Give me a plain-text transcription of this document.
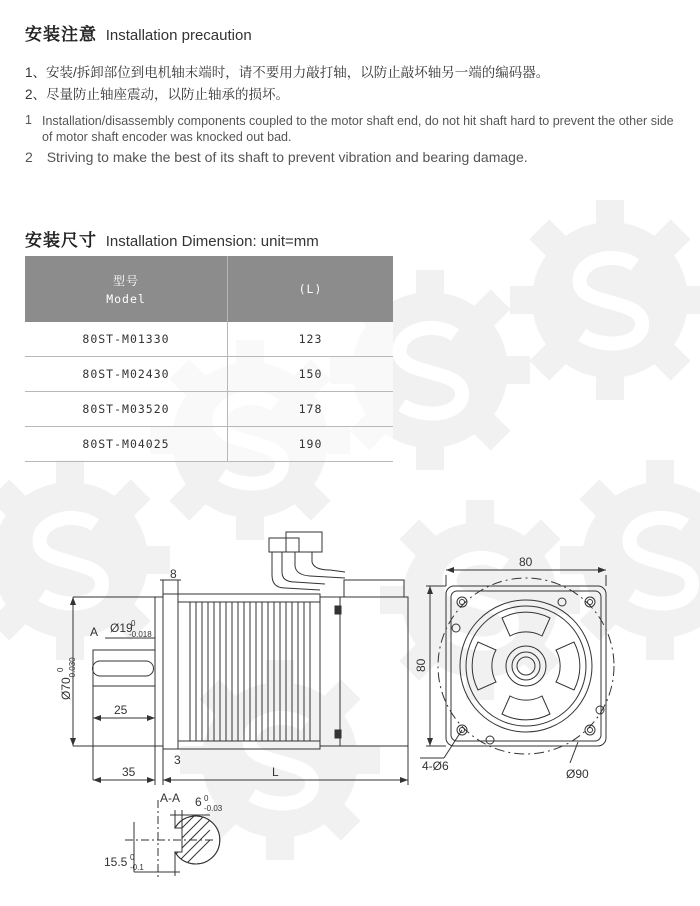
安装注意 Installation precaution
1、安装/拆卸部位到电机轴末端时，请不要用力敲打轴，以防止敲坏轴另一端的编码器。
2、尽量防止轴座震动，以防止轴承的损坏。
1 Installation/disassembly components coupled to the motor shaft end, do not hit shaft hard to prevent the other side of motor shaft encoder was knocked out bad.
2 Striving to make the best of its shaft to prevent vibration and bearing damage.
安装尺寸 Installation Dimension: unit=mm
型号
Model	(L)
80ST-M01330	123
80ST-M02430	150
80ST-M03520	178
80ST-M04025	190
8
A Ø19
0
-0.018
Ø70
0 -0.030
25
35
3
L
80
80
4-Ø6
Ø90
A-A 6 0
-0.03
15.5 0
-0.1
